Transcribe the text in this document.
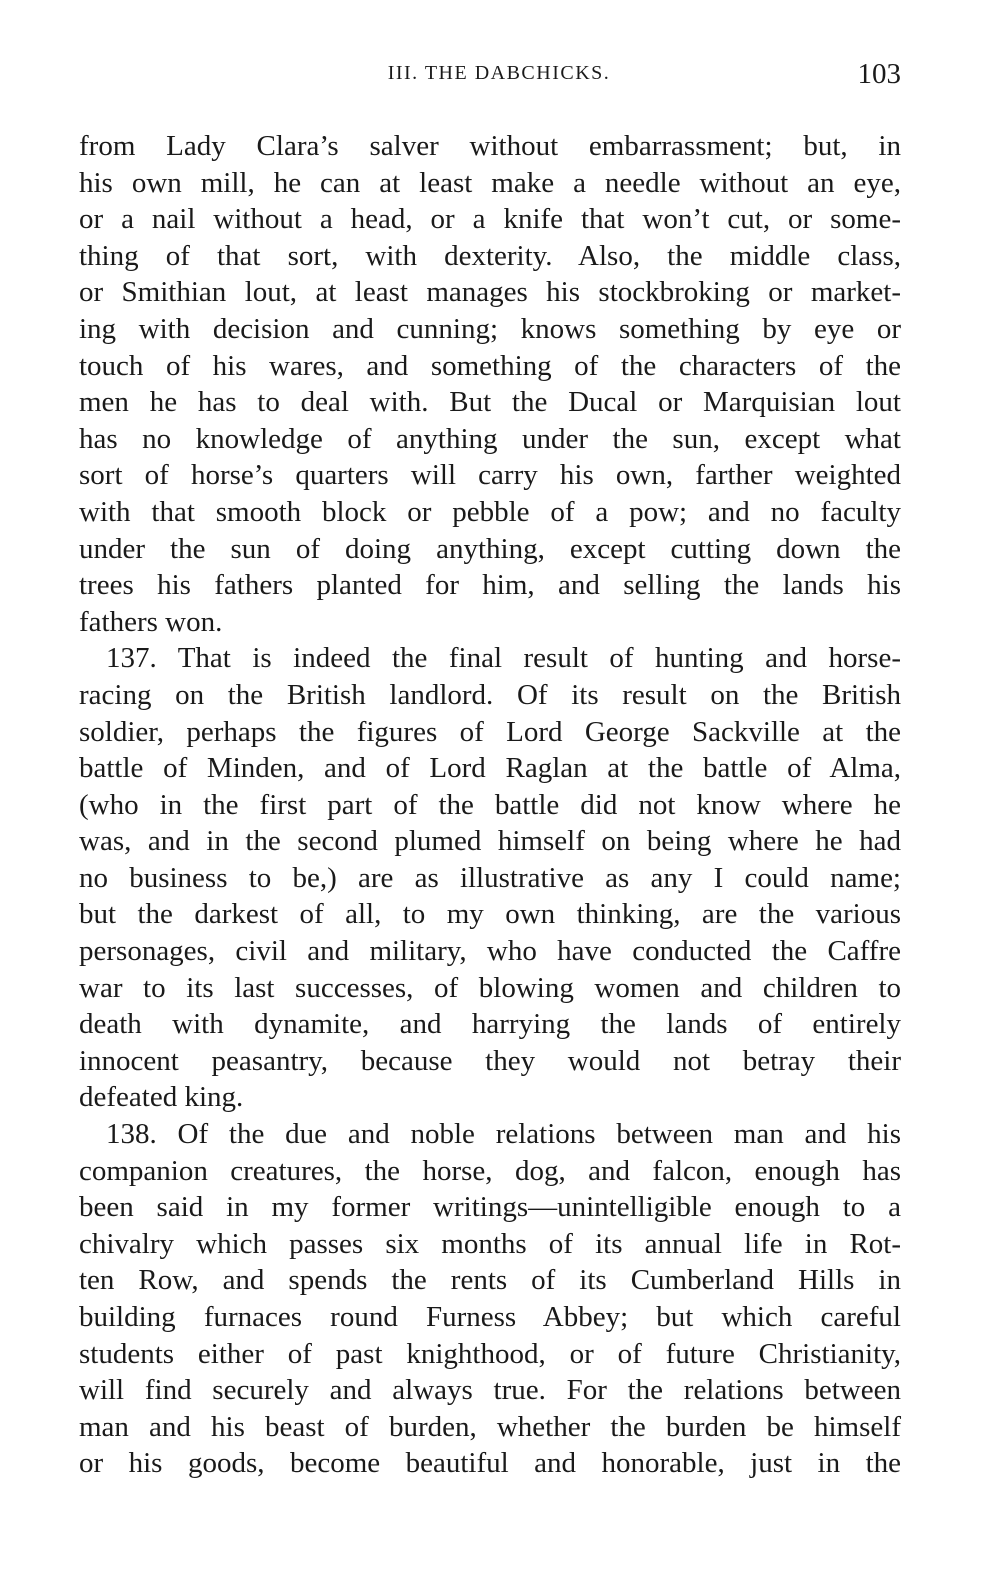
III. THE DABCHICKS.	103
from Lady Clara’s salver without embarrassment; but, in
his own mill, he can at least make a needle without an eye,
or a nail without a head, or a knife that won’t cut, or some-
thing of that sort, with dexterity. Also, the middle class,
or Smithian lout, at least manages his stockbroking or market-
ing with decision and cunning; knows something by eye or
touch of his wares, and something of the characters of the
men he has to deal with. But the Ducal or Marquisian lout
has no knowledge of anything under the sun, except what
sort of horse’s quarters will carry his own, farther weighted
with that smooth block or pebble of a pow; and no faculty
under the sun of doing anything, except cutting down the
trees his fathers planted for him, and selling the lands his
fathers won.
137. That is indeed the final result of hunting and horse-
racing on the British landlord. Of its result on the British
soldier, perhaps the figures of Lord George Sackville at the
battle of Minden, and of Lord Raglan at the battle of Alma,
(who in the first part of the battle did not know where he
was, and in the second plumed himself on being where he had
no business to be,) are as illustrative as any I could name;
but the darkest of all, to my own thinking, are the various
personages, civil and military, who have conducted the Caffre
war to its last successes, of blowing women and children to
death with dynamite, and harrying the lands of entirely
innocent peasantry, because they would not betray their
defeated king.
138. Of the due and noble relations between man and his
companion creatures, the horse, dog, and falcon, enough has
been said in my former writings—unintelligible enough to a
chivalry which passes six months of its annual life in Rot-
ten Row, and spends the rents of its Cumberland Hills in
building furnaces round Furness Abbey; but which careful
students either of past knighthood, or of future Christianity,
will find securely and always true. For the relations between
man and his beast of burden, whether the burden be himself
or his goods, become beautiful and honorable, just in the
